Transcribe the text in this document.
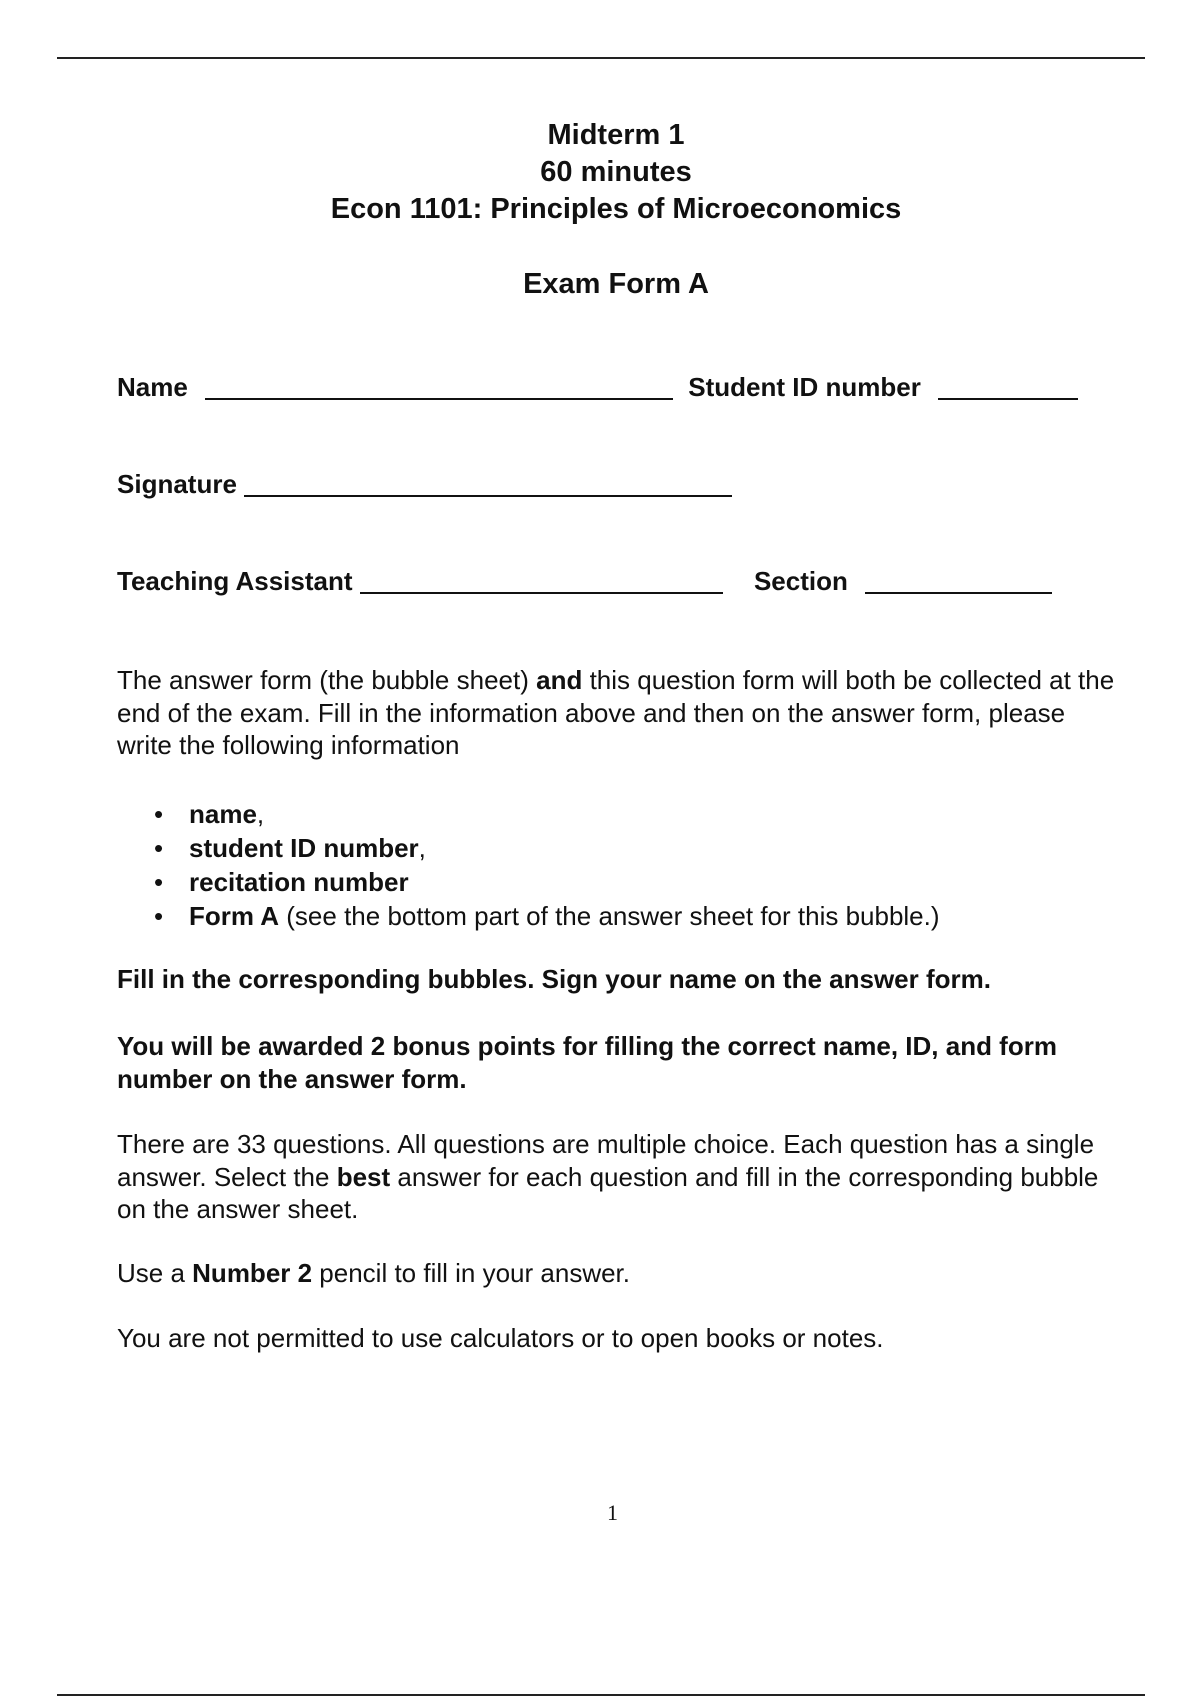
Midterm 1
60 minutes
Econ 1101: Principles of Microeconomics
Exam Form A
Name	Student ID number
Signature
Teaching Assistant	Section
The answer form (the bubble sheet) and this question form will both be collected at the end of the exam. Fill in the information above and then on the answer form, please write the following information
• name,
• student ID number,
• recitation number
• Form A (see the bottom part of the answer sheet for this bubble.)
Fill in the corresponding bubbles. Sign your name on the answer form.
You will be awarded 2 bonus points for filling the correct name, ID, and form number on the answer form.
There are 33 questions. All questions are multiple choice. Each question has a single answer. Select the best answer for each question and fill in the corresponding bubble on the answer sheet.
Use a Number 2 pencil to fill in your answer.
You are not permitted to use calculators or to open books or notes.
1
